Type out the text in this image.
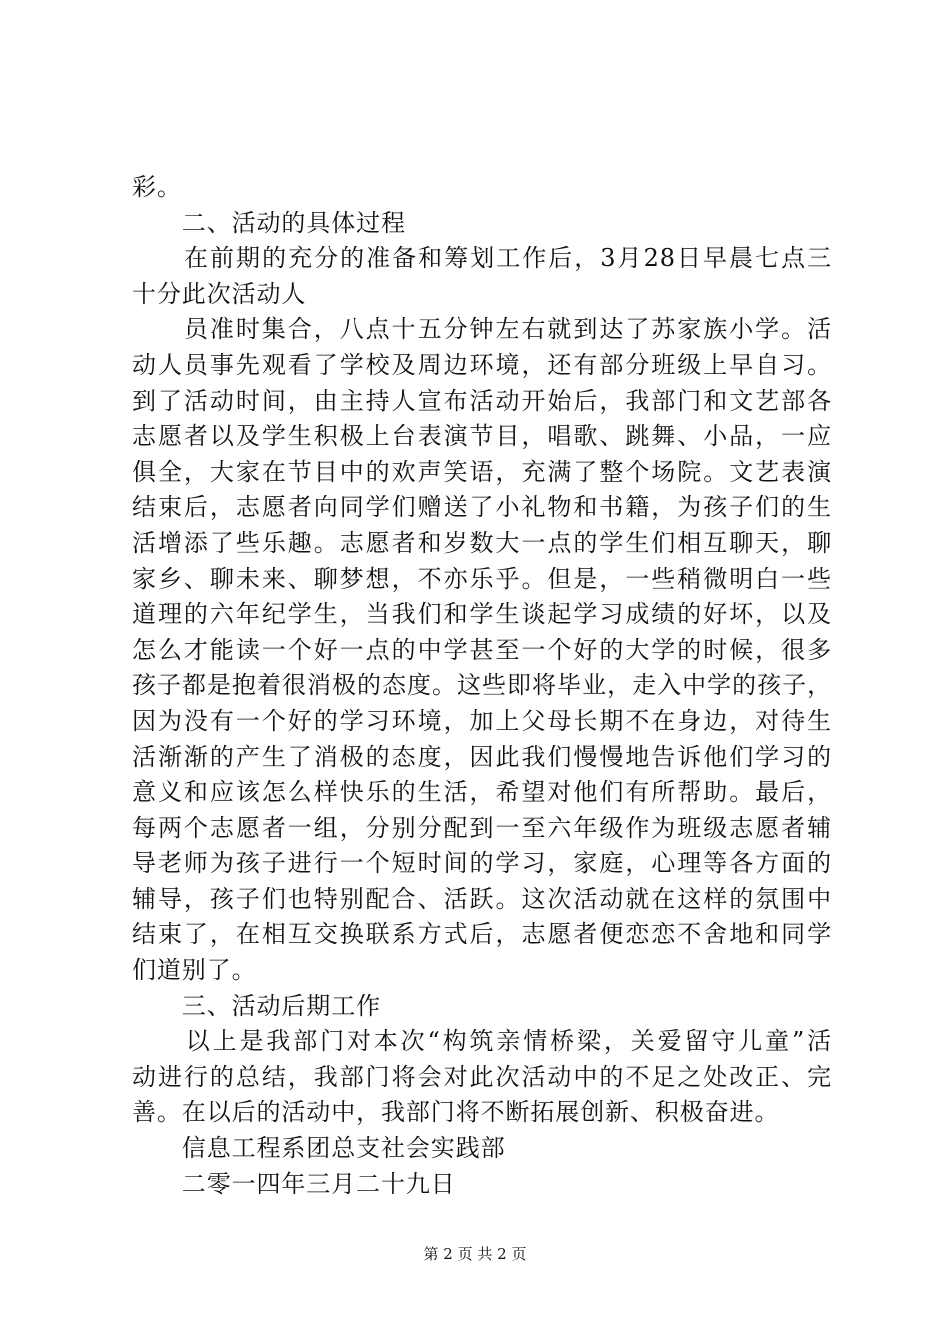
彩。
　　二、活动的具体过程
　　在前期的充分的准备和筹划工作后，3月28日早晨七点三
十分此次活动人
　　员准时集合，八点十五分钟左右就到达了苏家族小学。活
动人员事先观看了学校及周边环境，还有部分班级上早自习。
到了活动时间，由主持人宣布活动开始后，我部门和文艺部各
志愿者以及学生积极上台表演节目，唱歌、跳舞、小品，一应
俱全，大家在节目中的欢声笑语，充满了整个场院。文艺表演
结束后，志愿者向同学们赠送了小礼物和书籍，为孩子们的生
活增添了些乐趣。志愿者和岁数大一点的学生们相互聊天，聊
家乡、聊未来、聊梦想，不亦乐乎。但是，一些稍微明白一些
道理的六年纪学生，当我们和学生谈起学习成绩的好坏，以及
怎么才能读一个好一点的中学甚至一个好的大学的时候，很多
孩子都是抱着很消极的态度。这些即将毕业，走入中学的孩子，
因为没有一个好的学习环境，加上父母长期不在身边，对待生
活渐渐的产生了消极的态度，因此我们慢慢地告诉他们学习的
意义和应该怎么样快乐的生活，希望对他们有所帮助。最后，
每两个志愿者一组，分别分配到一至六年级作为班级志愿者辅
导老师为孩子进行一个短时间的学习，家庭，心理等各方面的
辅导，孩子们也特别配合、活跃。这次活动就在这样的氛围中
结束了，在相互交换联系方式后，志愿者便恋恋不舍地和同学
们道别了。
　　三、活动后期工作
　　以上是我部门对本次“构筑亲情桥梁，关爱留守儿童”活
动进行的总结，我部门将会对此次活动中的不足之处改正、完
善。在以后的活动中，我部门将不断拓展创新、积极奋进。
　　信息工程系团总支社会实践部
　　二零一四年三月二十九日
第 2 页 共 2 页
